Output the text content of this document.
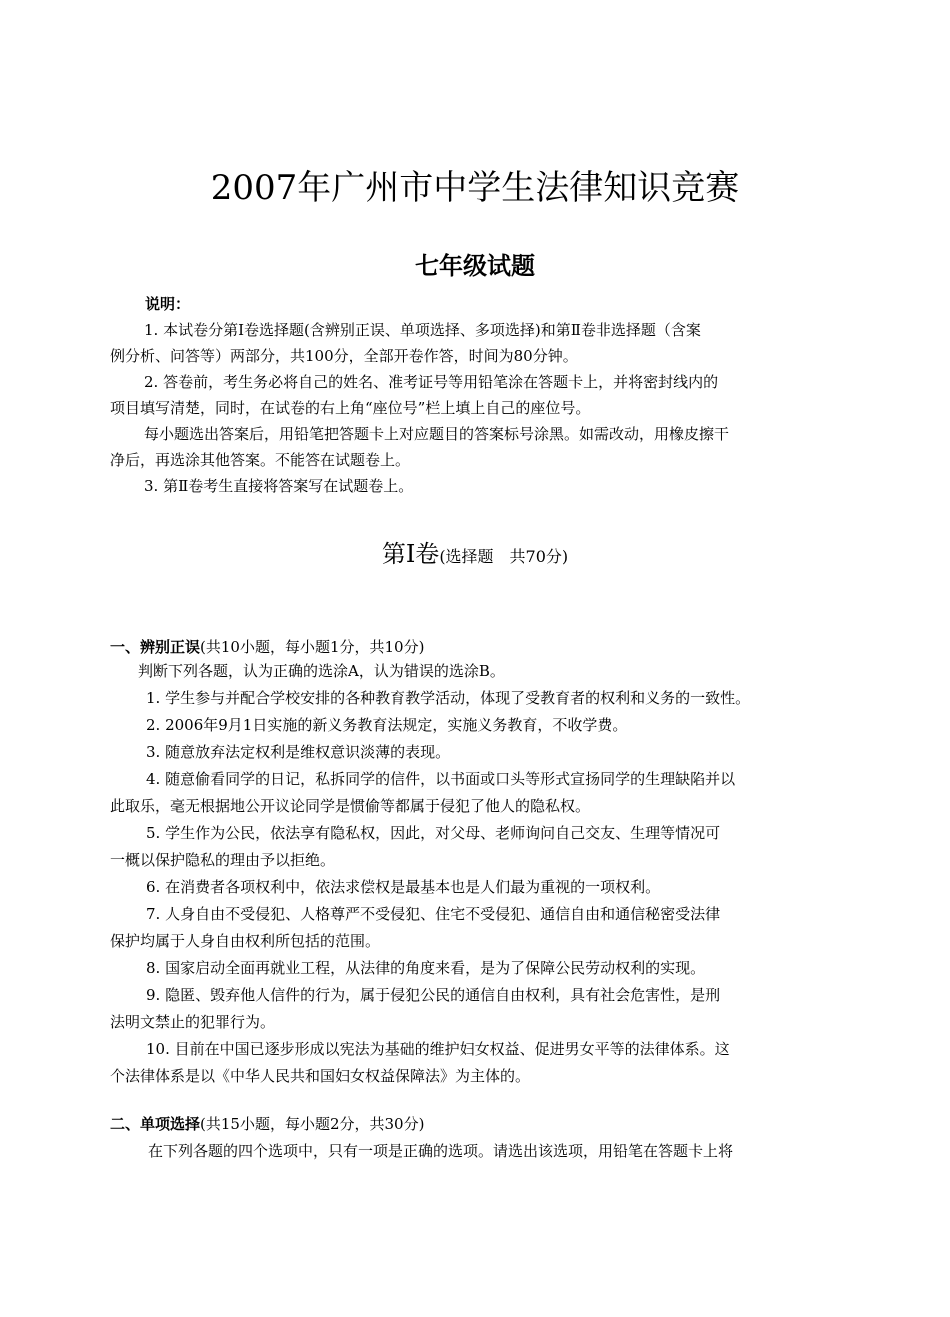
2007年广州市中学生法律知识竞赛
七年级试题
说明：
1. 本试卷分第Ⅰ卷选择题(含辨别正误、单项选择、多项选择)和第Ⅱ卷非选择题（含案
例分析、问答等）两部分，共100分，全部开卷作答，时间为80分钟。
2. 答卷前，考生务必将自己的姓名、准考证号等用铅笔涂在答题卡上，并将密封线内的
项目填写清楚，同时，在试卷的右上角“座位号”栏上填上自己的座位号。
每小题选出答案后，用铅笔把答题卡上对应题目的答案标号涂黑。如需改动，用橡皮擦干
净后，再选涂其他答案。不能答在试题卷上。
3. 第Ⅱ卷考生直接将答案写在试题卷上。
第Ⅰ卷(选择题　共70分)
一、辨别正误(共10小题，每小题1分，共10分)
判断下列各题，认为正确的选涂A，认为错误的选涂B。
1. 学生参与并配合学校安排的各种教育教学活动，体现了受教育者的权利和义务的一致性。
2. 2006年9月1日实施的新义务教育法规定，实施义务教育，不收学费。
3. 随意放弃法定权利是维权意识淡薄的表现。
4. 随意偷看同学的日记，私拆同学的信件，以书面或口头等形式宣扬同学的生理缺陷并以
此取乐，毫无根据地公开议论同学是惯偷等都属于侵犯了他人的隐私权。
5. 学生作为公民，依法享有隐私权，因此，对父母、老师询问自己交友、生理等情况可
一概以保护隐私的理由予以拒绝。
6. 在消费者各项权利中，依法求偿权是最基本也是人们最为重视的一项权利。
7. 人身自由不受侵犯、人格尊严不受侵犯、住宅不受侵犯、通信自由和通信秘密受法律
保护均属于人身自由权利所包括的范围。
8. 国家启动全面再就业工程，从法律的角度来看，是为了保障公民劳动权利的实现。
9. 隐匿、毁弃他人信件的行为，属于侵犯公民的通信自由权利，具有社会危害性，是刑
法明文禁止的犯罪行为。
10. 目前在中国已逐步形成以宪法为基础的维护妇女权益、促进男女平等的法律体系。这
个法律体系是以《中华人民共和国妇女权益保障法》为主体的。
二、单项选择(共15小题，每小题2分，共30分)
在下列各题的四个选项中，只有一项是正确的选项。请选出该选项，用铅笔在答题卡上将
